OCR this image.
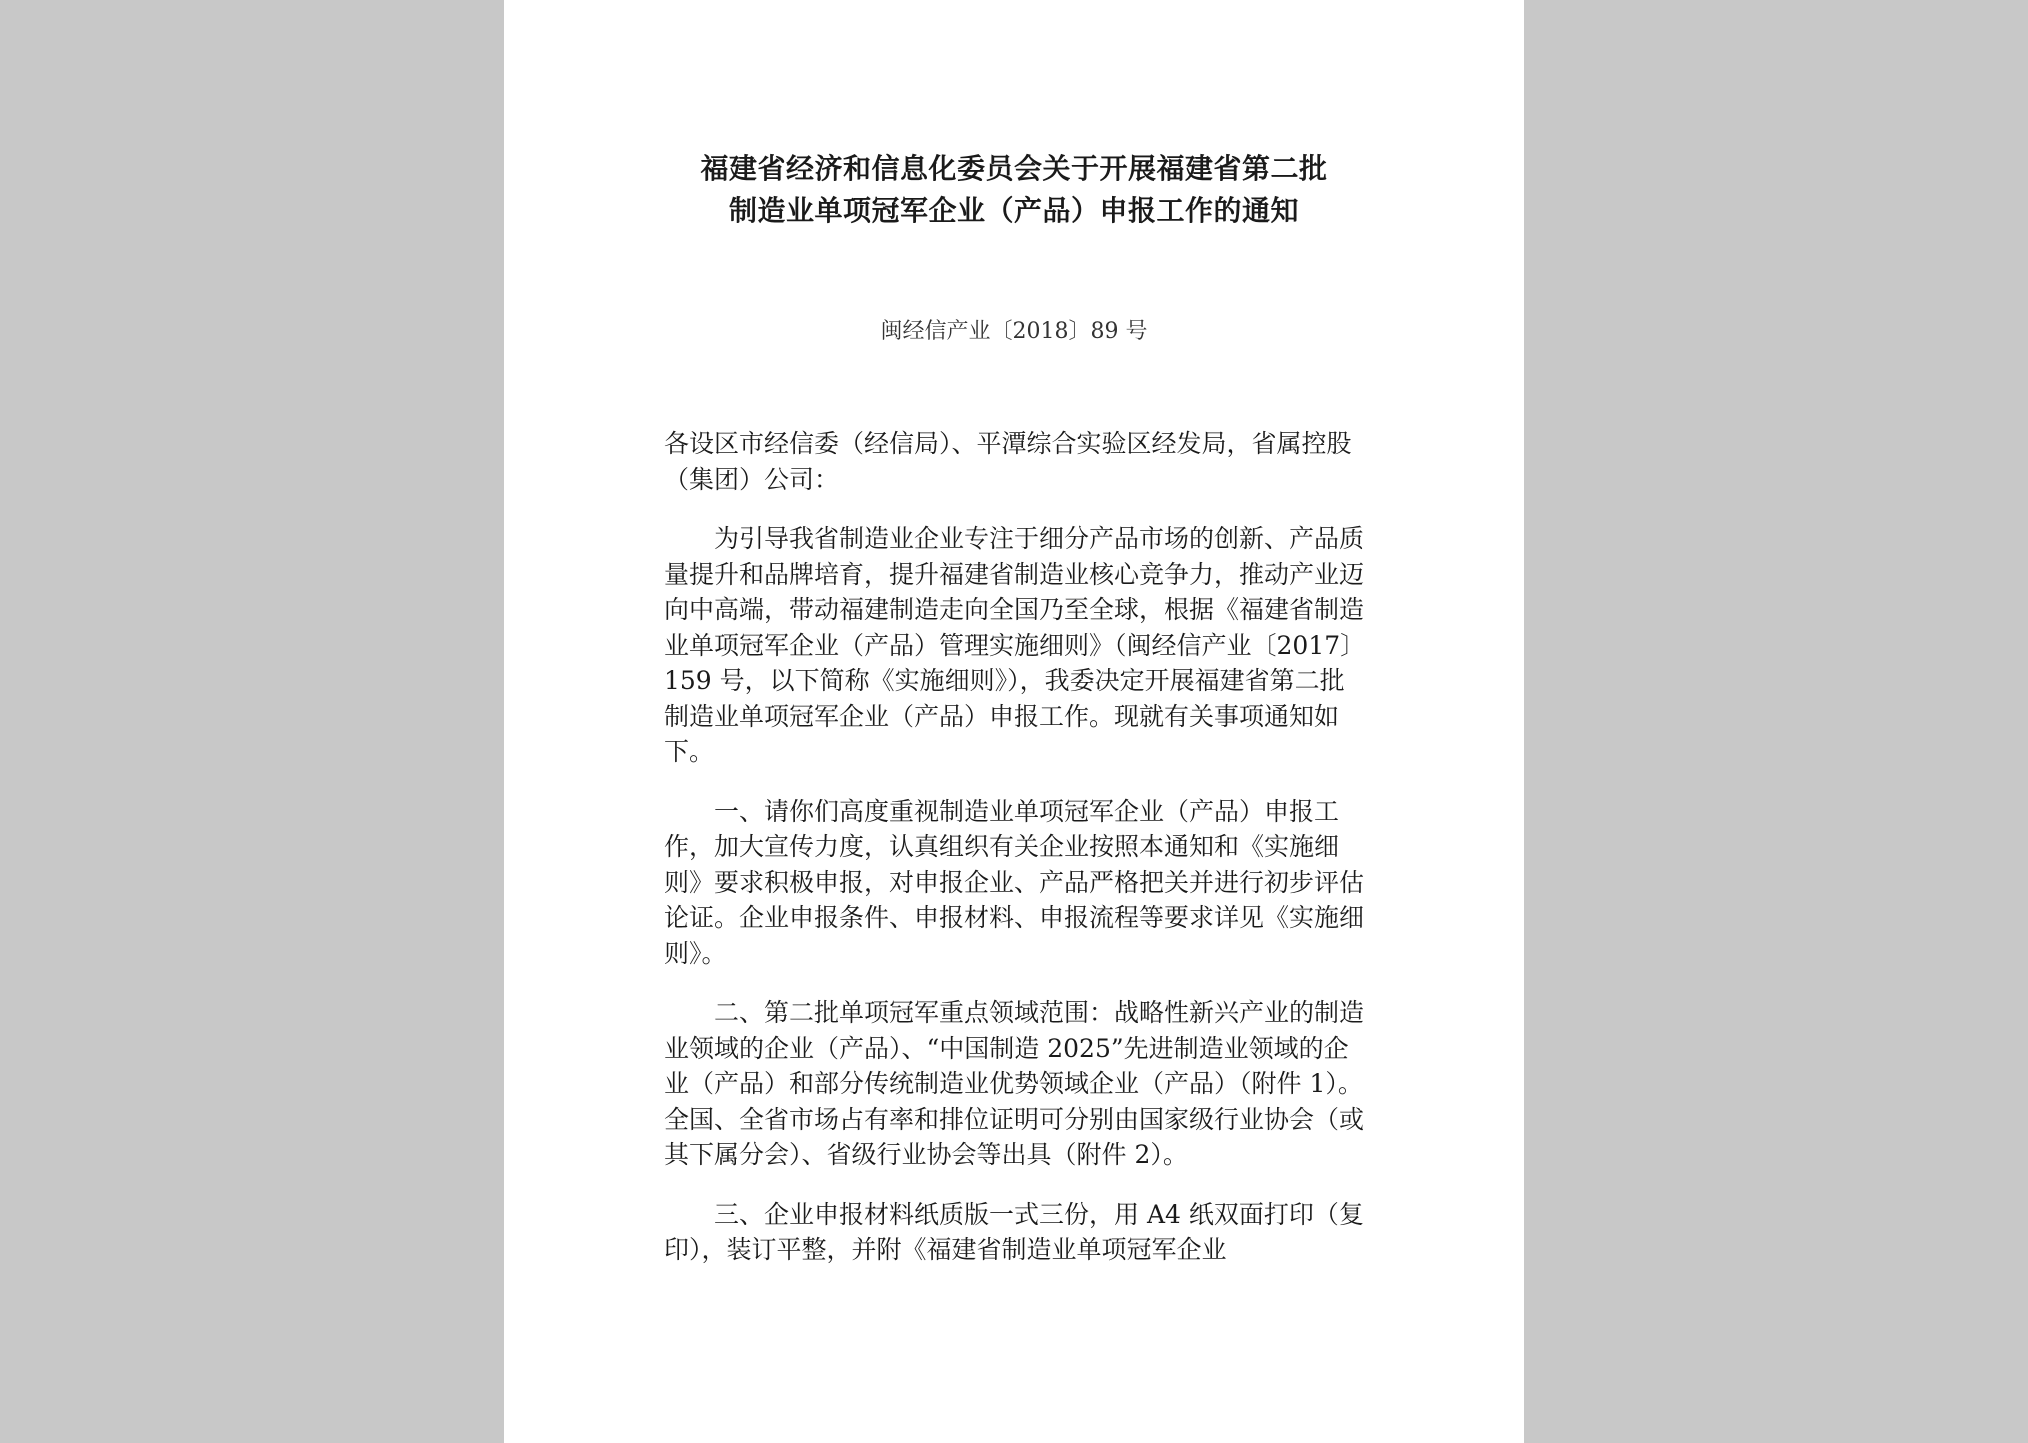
福建省经济和信息化委员会关于开展福建省第二批
制造业单项冠军企业（产品）申报工作的通知
闽经信产业〔2018〕89 号

各设区市经信委（经信局）、平潭综合实验区经发局，省属控股（集团）公司：

为引导我省制造业企业专注于细分产品市场的创新、产品质量提升和品牌培育，提升福建省制造业核心竞争力，推动产业迈向中高端，带动福建制造走向全国乃至全球，根据《福建省制造业单项冠军企业（产品）管理实施细则》（闽经信产业〔2017〕159 号，以下简称《实施细则》），我委决定开展福建省第二批制造业单项冠军企业（产品）申报工作。现就有关事项通知如下。

一、请你们高度重视制造业单项冠军企业（产品）申报工作，加大宣传力度，认真组织有关企业按照本通知和《实施细则》要求积极申报，对申报企业、产品严格把关并进行初步评估论证。企业申报条件、申报材料、申报流程等要求详见《实施细则》。

二、第二批单项冠军重点领域范围：战略性新兴产业的制造业领域的企业（产品）、“中国制造 2025”先进制造业领域的企业（产品）和部分传统制造业优势领域企业（产品）（附件 1）。全国、全省市场占有率和排位证明可分别由国家级行业协会（或其下属分会）、省级行业协会等出具（附件 2）。

三、企业申报材料纸质版一式三份，用 A4 纸双面打印（复印），装订平整，并附《福建省制造业单项冠军企业
